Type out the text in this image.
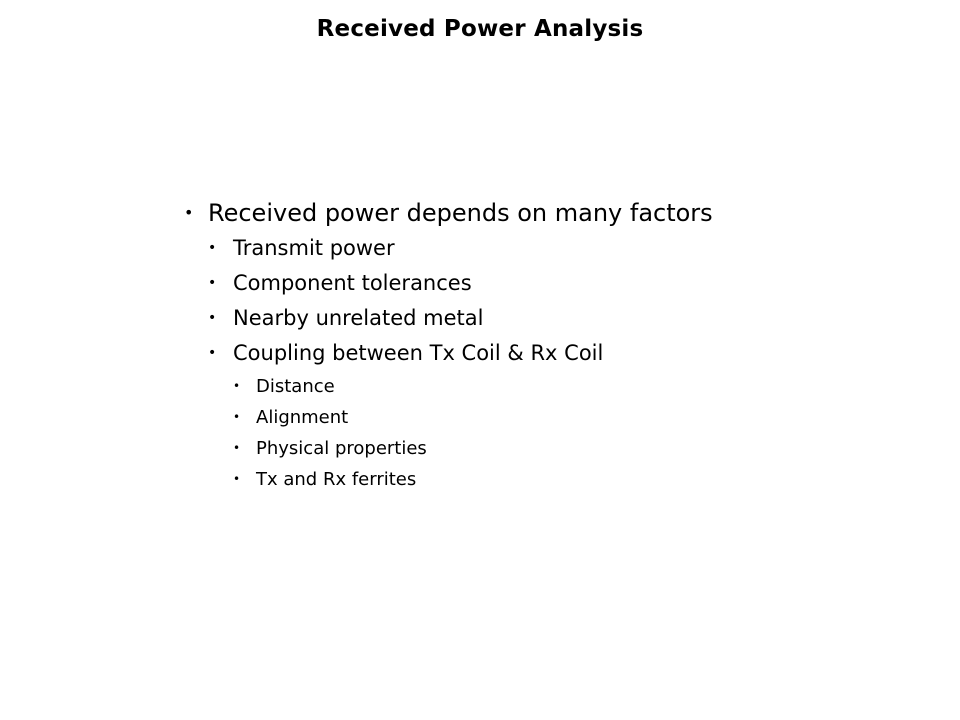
Received Power Analysis
• Received power depends on many factors
• Transmit power
• Component tolerances
• Nearby unrelated metal
• Coupling between Tx Coil & Rx Coil
• Distance
• Alignment
• Physical properties
• Tx and Rx ferrites
